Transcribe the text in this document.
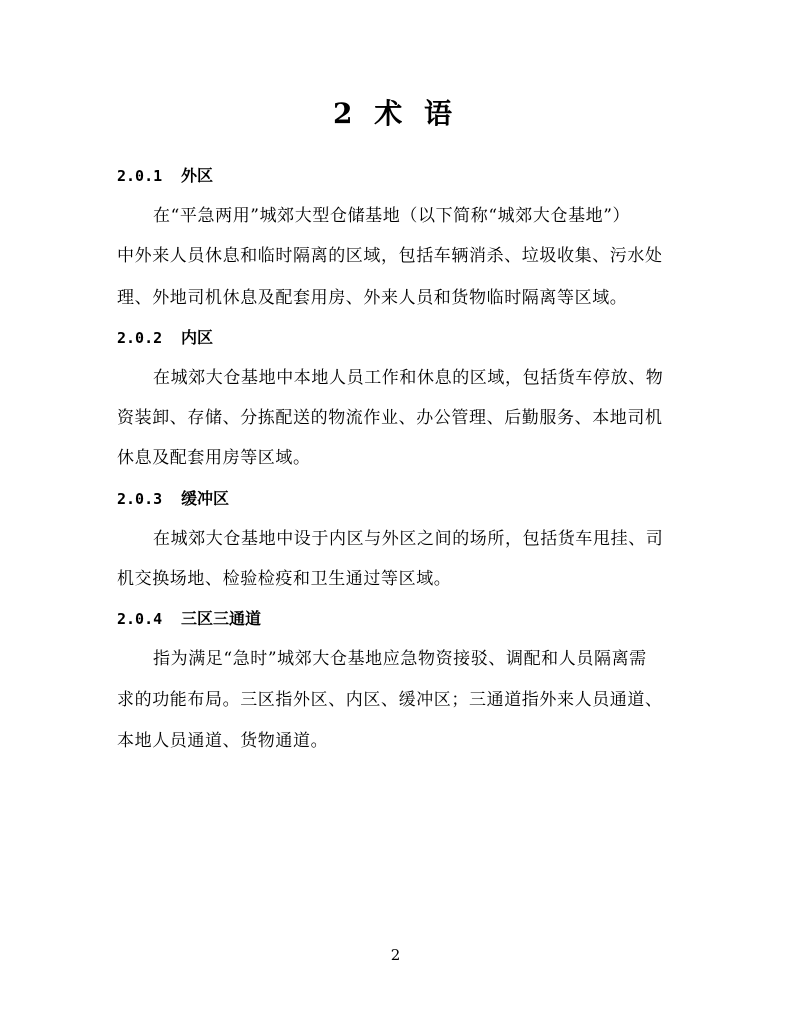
2 术 语
2.0.1 外区
在“平急两用”城郊大型仓储基地（以下简称“城郊大仓基地”）
中外来人员休息和临时隔离的区域，包括车辆消杀、垃圾收集、污水处
理、外地司机休息及配套用房、外来人员和货物临时隔离等区域。
2.0.2 内区
在城郊大仓基地中本地人员工作和休息的区域，包括货车停放、物
资装卸、存储、分拣配送的物流作业、办公管理、后勤服务、本地司机
休息及配套用房等区域。
2.0.3 缓冲区
在城郊大仓基地中设于内区与外区之间的场所，包括货车甩挂、司
机交换场地、检验检疫和卫生通过等区域。
2.0.4 三区三通道
指为满足“急时”城郊大仓基地应急物资接驳、调配和人员隔离需
求的功能布局。三区指外区、内区、缓冲区；三通道指外来人员通道、
本地人员通道、货物通道。
2
